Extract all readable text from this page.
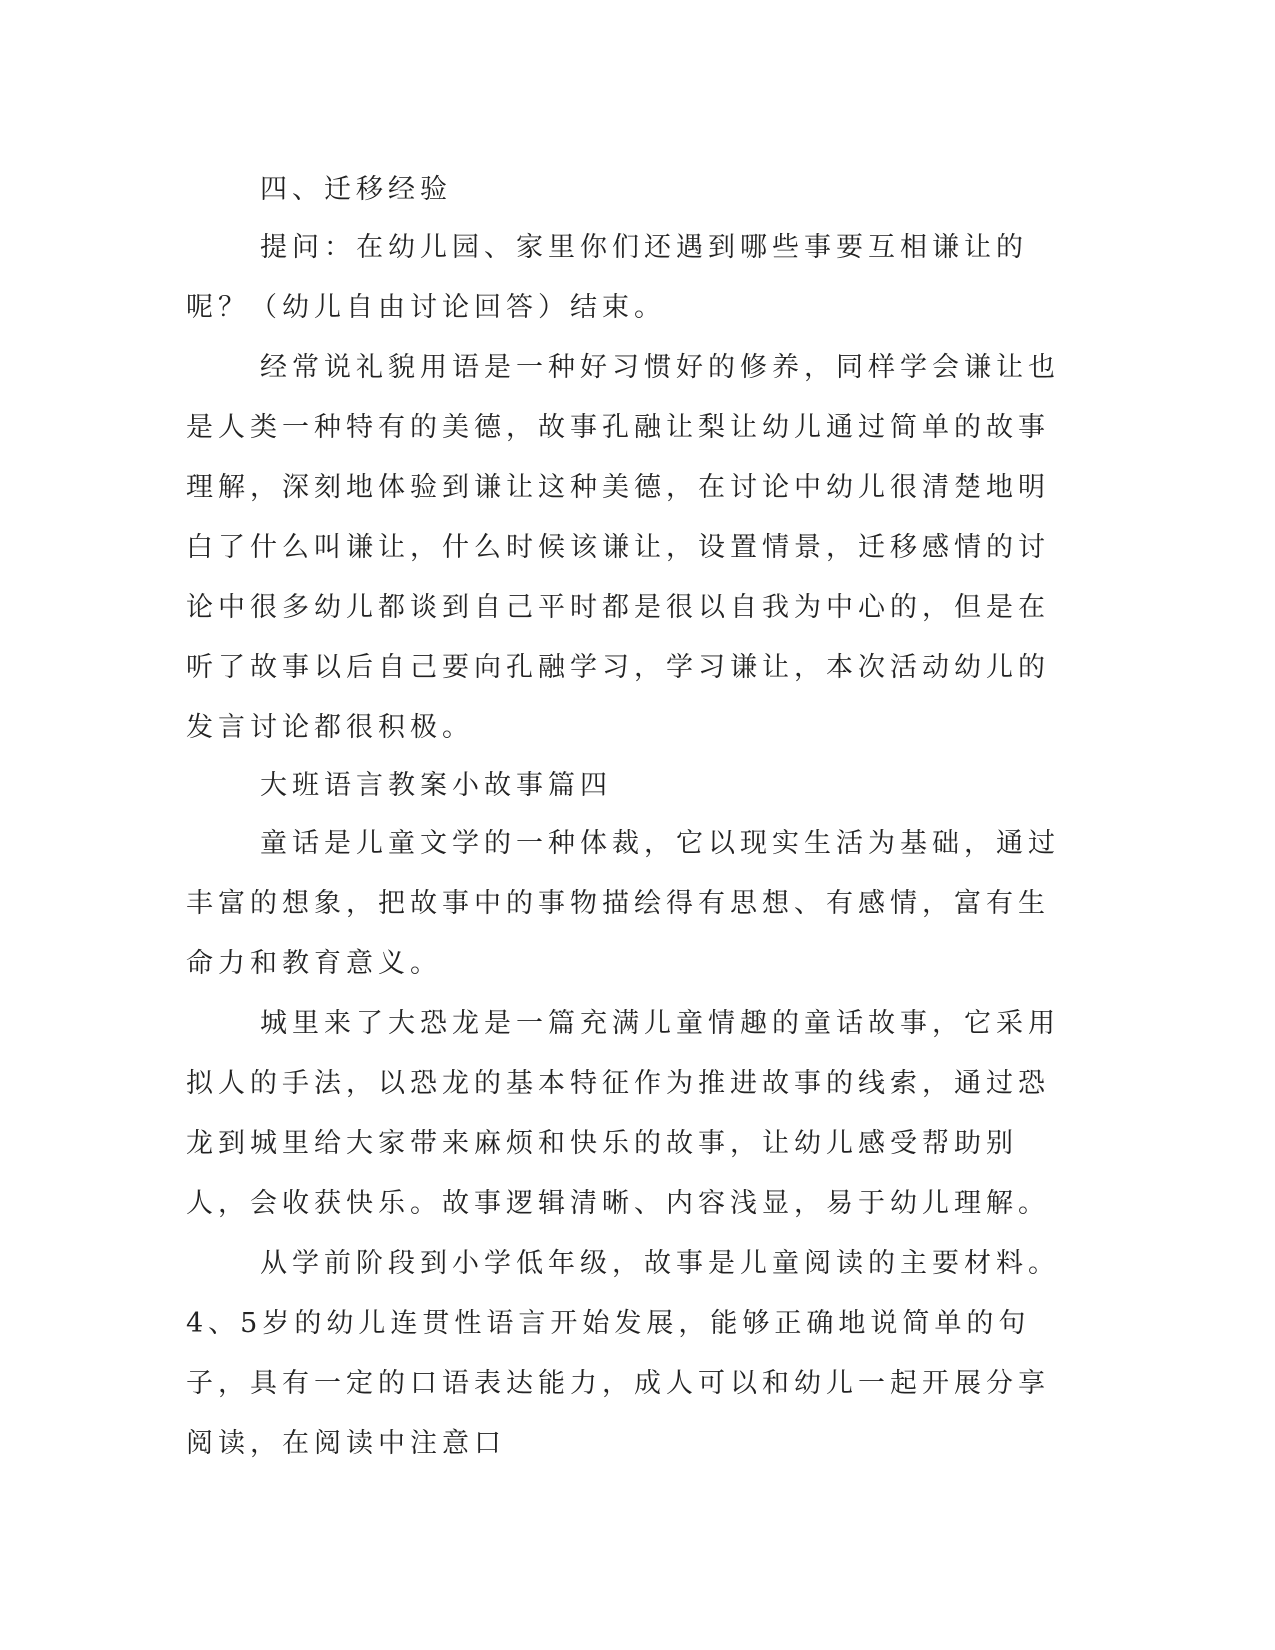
四、迁移经验

提问：在幼儿园、家里你们还遇到哪些事要互相谦让的呢？（幼儿自由讨论回答）结束。

经常说礼貌用语是一种好习惯好的修养，同样学会谦让也是人类一种特有的美德，故事孔融让梨让幼儿通过简单的故事理解，深刻地体验到谦让这种美德，在讨论中幼儿很清楚地明白了什么叫谦让，什么时候该谦让，设置情景，迁移感情的讨论中很多幼儿都谈到自己平时都是很以自我为中心的，但是在听了故事以后自己要向孔融学习，学习谦让，本次活动幼儿的发言讨论都很积极。

大班语言教案小故事篇四

童话是儿童文学的一种体裁，它以现实生活为基础，通过丰富的想象，把故事中的事物描绘得有思想、有感情，富有生命力和教育意义。

城里来了大恐龙是一篇充满儿童情趣的童话故事，它采用拟人的手法，以恐龙的基本特征作为推进故事的线索，通过恐龙到城里给大家带来麻烦和快乐的故事，让幼儿感受帮助别人，会收获快乐。故事逻辑清晰、内容浅显，易于幼儿理解。

从学前阶段到小学低年级，故事是儿童阅读的主要材料。4、5岁的幼儿连贯性语言开始发展，能够正确地说简单的句子，具有一定的口语表达能力，成人可以和幼儿一起开展分享阅读，在阅读中注意口
